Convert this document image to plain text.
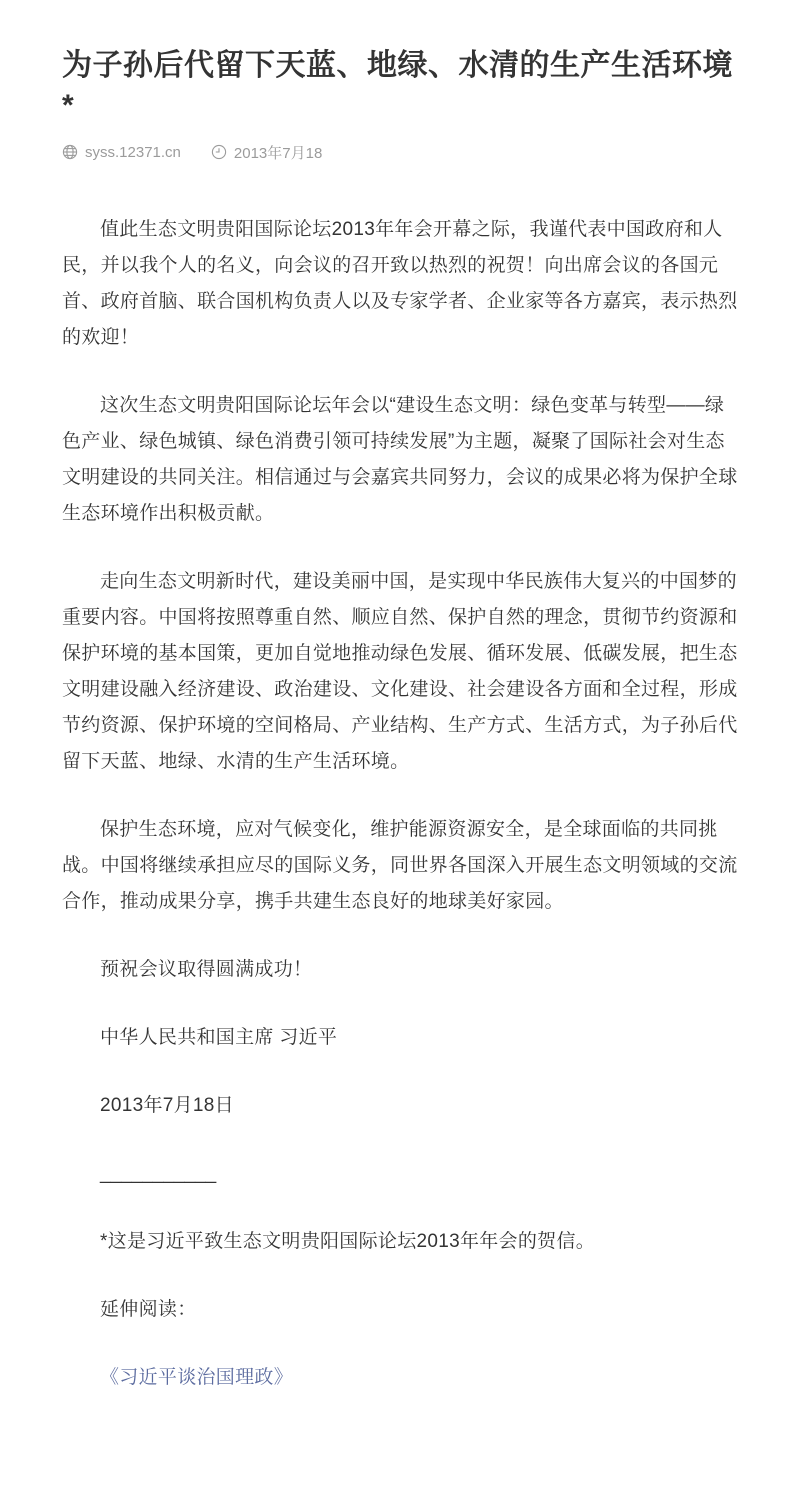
为子孙后代留下天蓝、地绿、水清的生产生活环境*
syss.12371.cn	2013年7月18

值此生态文明贵阳国际论坛2013年年会开幕之际，我谨代表中国政府和人民，并以我个人的名义，向会议的召开致以热烈的祝贺！向出席会议的各国元首、政府首脑、联合国机构负责人以及专家学者、企业家等各方嘉宾，表示热烈的欢迎！

这次生态文明贵阳国际论坛年会以“建设生态文明：绿色变革与转型——绿色产业、绿色城镇、绿色消费引领可持续发展”为主题，凝聚了国际社会对生态文明建设的共同关注。相信通过与会嘉宾共同努力，会议的成果必将为保护全球生态环境作出积极贡献。

走向生态文明新时代，建设美丽中国，是实现中华民族伟大复兴的中国梦的重要内容。中国将按照尊重自然、顺应自然、保护自然的理念，贯彻节约资源和保护环境的基本国策，更加自觉地推动绿色发展、循环发展、低碳发展，把生态文明建设融入经济建设、政治建设、文化建设、社会建设各方面和全过程，形成节约资源、保护环境的空间格局、产业结构、生产方式、生活方式，为子孙后代留下天蓝、地绿、水清的生产生活环境。

保护生态环境，应对气候变化，维护能源资源安全，是全球面临的共同挑战。中国将继续承担应尽的国际义务，同世界各国深入开展生态文明领域的交流合作，推动成果分享，携手共建生态良好的地球美好家园。

预祝会议取得圆满成功！

中华人民共和国主席 习近平

2013年7月18日

___________

*这是习近平致生态文明贵阳国际论坛2013年年会的贺信。

延伸阅读：

《习近平谈治国理政》
